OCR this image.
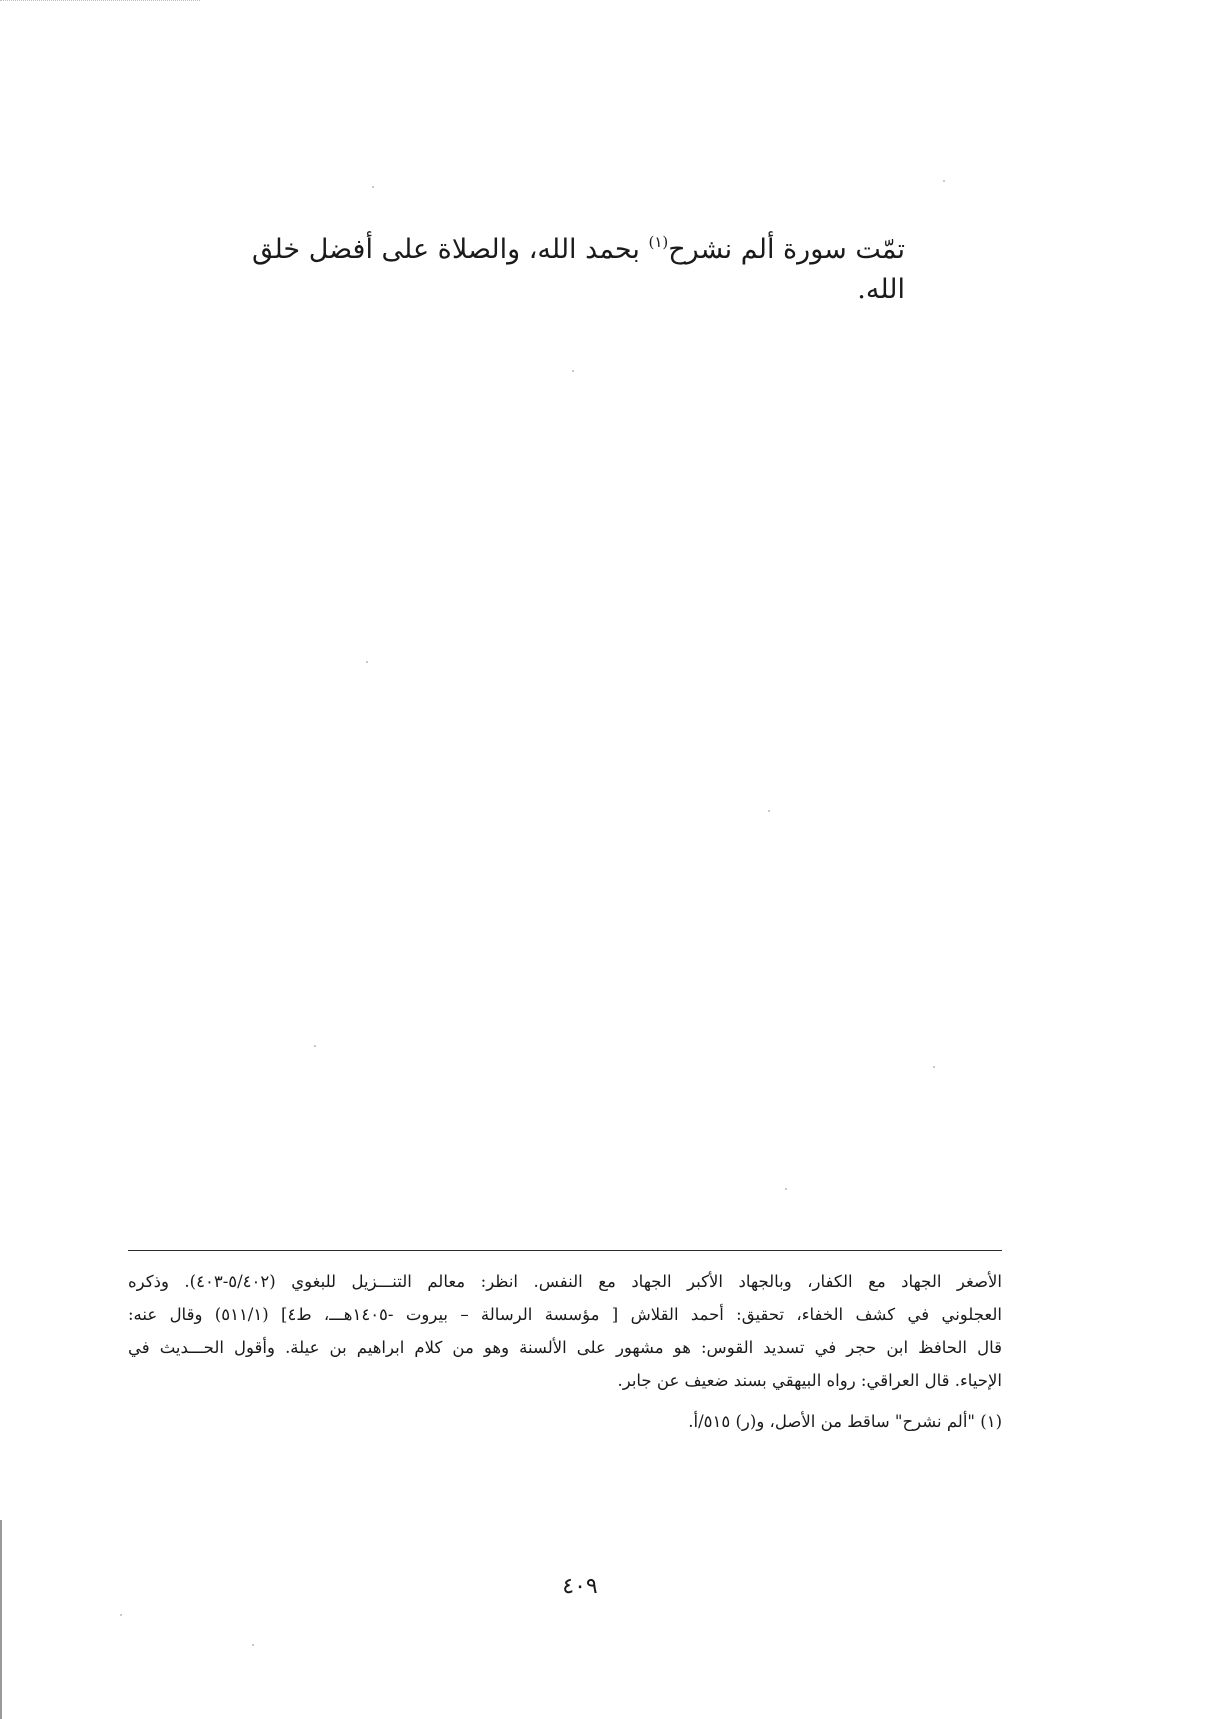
تمّت سورة ألم نشرح$^{(١)}$ بحمد الله، والصلاة على أفضل خلق الله.
الأصغر الجهاد مع الكفار، وبالجهاد الأكبر الجهاد مع النفس. انظر: معالم التنـــزيل للبغوي (٥/٤٠٢-٤٠٣). وذكره
العجلوني في كشف الخفاء، تحقيق: أحمد القلاش [ مؤسسة الرسالة – بيروت -١٤٠٥هـــ، ط٤] (٥١١/١) وقال عنه:
قال الحافظ ابن حجر في تسديد القوس: هو مشهور على الألسنة وهو من كلام ابراهيم بن عيلة. وأقول الحـــديث في
الإحياء. قال العراقي: رواه البيهقي بسند ضعيف عن جابر.
(١) "ألم نشرح" ساقط من الأصل، و(ر) ٥١٥/أ.
٤٠٩
